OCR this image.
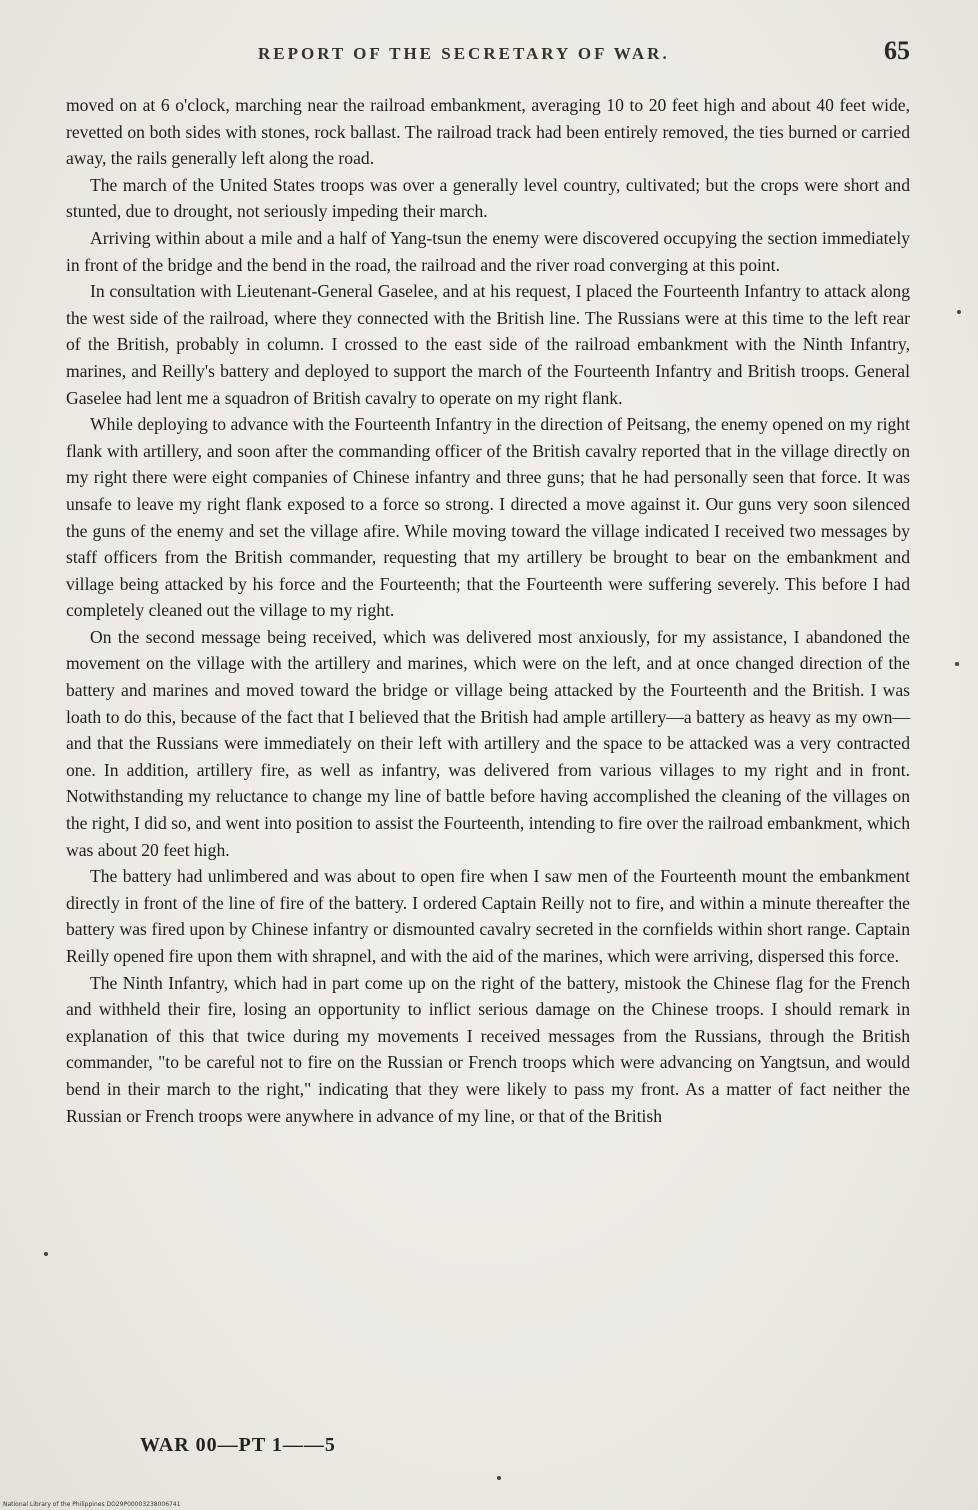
REPORT OF THE SECRETARY OF WAR.	65

moved on at 6 o'clock, marching near the railroad embankment, averaging 10 to 20 feet high and about 40 feet wide, revetted on both sides with stones, rock ballast. The railroad track had been entirely removed, the ties burned or carried away, the rails generally left along the road.

The march of the United States troops was over a generally level country, cultivated; but the crops were short and stunted, due to drought, not seriously impeding their march.

Arriving within about a mile and a half of Yang-tsun the enemy were discovered occupying the section immediately in front of the bridge and the bend in the road, the railroad and the river road converging at this point.

In consultation with Lieutenant-General Gaselee, and at his request, I placed the Fourteenth Infantry to attack along the west side of the railroad, where they connected with the British line. The Russians were at this time to the left rear of the British, probably in column. I crossed to the east side of the railroad embankment with the Ninth Infantry, marines, and Reilly's battery and deployed to support the march of the Fourteenth Infantry and British troops. General Gaselee had lent me a squadron of British cavalry to operate on my right flank.

While deploying to advance with the Fourteenth Infantry in the direction of Peitsang, the enemy opened on my right flank with artillery, and soon after the commanding officer of the British cavalry reported that in the village directly on my right there were eight companies of Chinese infantry and three guns; that he had personally seen that force. It was unsafe to leave my right flank exposed to a force so strong. I directed a move against it. Our guns very soon silenced the guns of the enemy and set the village afire. While moving toward the village indicated I received two messages by staff officers from the British commander, requesting that my artillery be brought to bear on the embankment and village being attacked by his force and the Fourteenth; that the Fourteenth were suffering severely. This before I had completely cleaned out the village to my right.

On the second message being received, which was delivered most anxiously, for my assistance, I abandoned the movement on the village with the artillery and marines, which were on the left, and at once changed direction of the battery and marines and moved toward the bridge or village being attacked by the Fourteenth and the British. I was loath to do this, because of the fact that I believed that the British had ample artillery—a battery as heavy as my own—and that the Russians were immediately on their left with artillery and the space to be attacked was a very contracted one. In addition, artillery fire, as well as infantry, was delivered from various villages to my right and in front. Notwithstanding my reluctance to change my line of battle before having accomplished the cleaning of the villages on the right, I did so, and went into position to assist the Fourteenth, intending to fire over the railroad embankment, which was about 20 feet high.

The battery had unlimbered and was about to open fire when I saw men of the Fourteenth mount the embankment directly in front of the line of fire of the battery. I ordered Captain Reilly not to fire, and within a minute thereafter the battery was fired upon by Chinese infantry or dismounted cavalry secreted in the cornfields within short range. Captain Reilly opened fire upon them with shrapnel, and with the aid of the marines, which were arriving, dispersed this force.

The Ninth Infantry, which had in part come up on the right of the battery, mistook the Chinese flag for the French and withheld their fire, losing an opportunity to inflict serious damage on the Chinese troops. I should remark in explanation of this that twice during my movements I received messages from the Russians, through the British commander, "to be careful not to fire on the Russian or French troops which were advancing on Yangtsun, and would bend in their march to the right," indicating that they were likely to pass my front. As a matter of fact neither the Russian or French troops were anywhere in advance of my line, or that of the British

WAR 00—PT 1——5
National Library of the Philippines DO29P00003238006741
